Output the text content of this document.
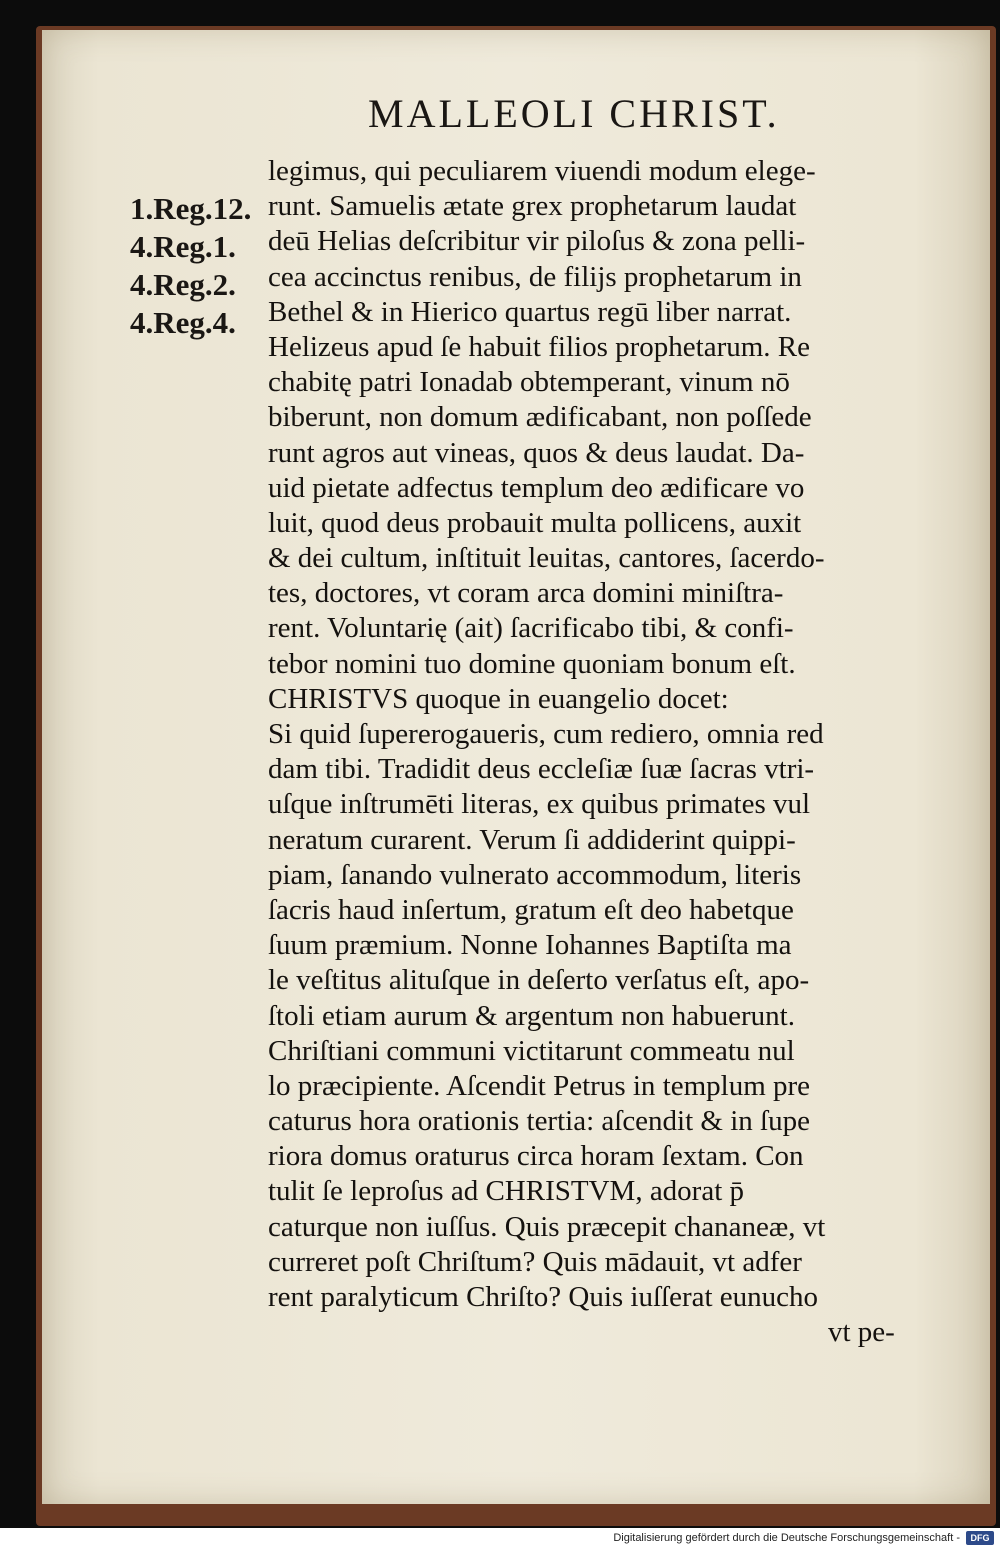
MALLEOLI CHRIST.
1.Reg.12.
4.Reg.1.
4.Reg.2.
4.Reg.4.
legimus, qui peculiarem viuendi modum elege-
runt. Samuelis ætate grex prophetarum laudat
deū Helias deſcribitur vir piloſus & zona pelli-
cea accinctus renibus, de filijs prophetarum in
Bethel & in Hierico quartus regū liber narrat.
Helizeus apud ſe habuit filios prophetarum. Re
chabitę patri Ionadab obtemperant, vinum nō
biberunt, non domum ædificabant, non poſſede
runt agros aut vineas, quos & deus laudat. Da-
uid pietate adfectus templum deo ædificare vo
luit, quod deus probauit multa pollicens, auxit
& dei cultum, inſtituit leuitas, cantores, ſacerdo-
tes, doctores, vt coram arca domini miniſtra-
rent. Voluntarię (ait) ſacrificabo tibi, & confi-
tebor nomini tuo domine quoniam bonum eſt.
CHRISTVS quoque in euangelio docet:
Si quid ſupererogaueris, cum rediero, omnia red
dam tibi. Tradidit deus eccleſiæ ſuæ ſacras vtri-
uſque inſtrumēti literas, ex quibus primates vul
neratum curarent. Verum ſi addiderint quippi-
piam, ſanando vulnerato accommodum, literis
ſacris haud inſertum, gratum eſt deo habetque
ſuum præmium. Nonne Iohannes Baptiſta ma
le veſtitus alituſque in deſerto verſatus eſt, apo-
ſtoli etiam aurum & argentum non habuerunt.
Chriſtiani communi victitarunt commeatu nul
lo præcipiente. Aſcendit Petrus in templum pre
caturus hora orationis tertia: aſcendit & in ſupe
riora domus oraturus circa horam ſextam. Con
tulit ſe leproſus ad CHRISTVM, adorat p̄
caturque non iuſſus. Quis præcepit chananeæ, vt
curreret poſt Chriſtum? Quis mādauit, vt adfer
rent paralyticum Chriſto? Quis iuſſerat eunucho
vt pe-
Digitalisierung gefördert durch die Deutsche Forschungsgemeinschaft -	DFG
